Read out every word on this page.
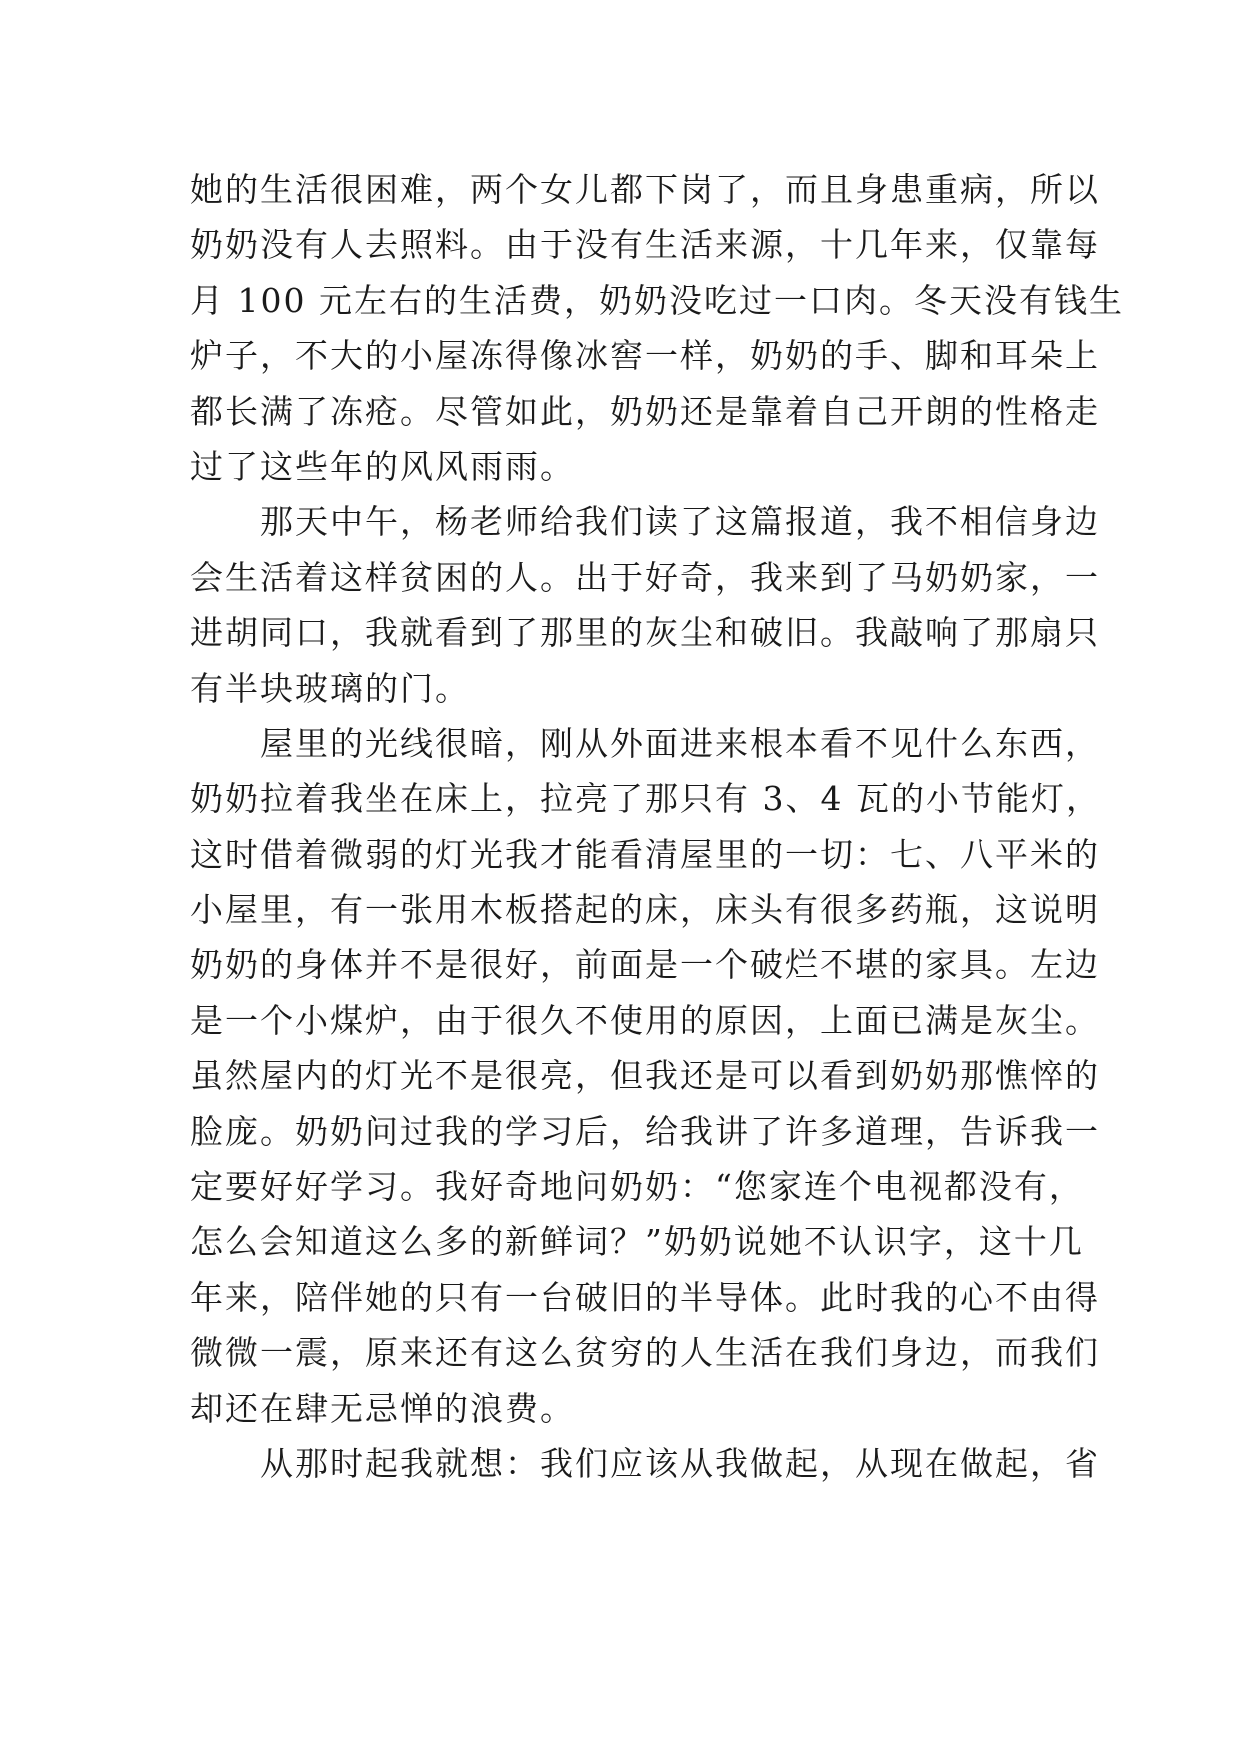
她的生活很困难，两个女儿都下岗了，而且身患重病，所以
奶奶没有人去照料。由于没有生活来源，十几年来，仅靠每
月 100 元左右的生活费，奶奶没吃过一口肉。冬天没有钱生
炉子，不大的小屋冻得像冰窖一样，奶奶的手、脚和耳朵上
都长满了冻疮。尽管如此，奶奶还是靠着自己开朗的性格走
过了这些年的风风雨雨。
　　那天中午，杨老师给我们读了这篇报道，我不相信身边
会生活着这样贫困的人。出于好奇，我来到了马奶奶家，一
进胡同口，我就看到了那里的灰尘和破旧。我敲响了那扇只
有半块玻璃的门。
　　屋里的光线很暗，刚从外面进来根本看不见什么东西，
奶奶拉着我坐在床上，拉亮了那只有 3、4 瓦的小节能灯，
这时借着微弱的灯光我才能看清屋里的一切：七、八平米的
小屋里，有一张用木板搭起的床，床头有很多药瓶，这说明
奶奶的身体并不是很好，前面是一个破烂不堪的家具。左边
是一个小煤炉，由于很久不使用的原因，上面已满是灰尘。
虽然屋内的灯光不是很亮，但我还是可以看到奶奶那憔悴的
脸庞。奶奶问过我的学习后，给我讲了许多道理，告诉我一
定要好好学习。我好奇地问奶奶：“您家连个电视都没有，
怎么会知道这么多的新鲜词？”奶奶说她不认识字，这十几
年来，陪伴她的只有一台破旧的半导体。此时我的心不由得
微微一震，原来还有这么贫穷的人生活在我们身边，而我们
却还在肆无忌惮的浪费。
　　从那时起我就想：我们应该从我做起，从现在做起，省
